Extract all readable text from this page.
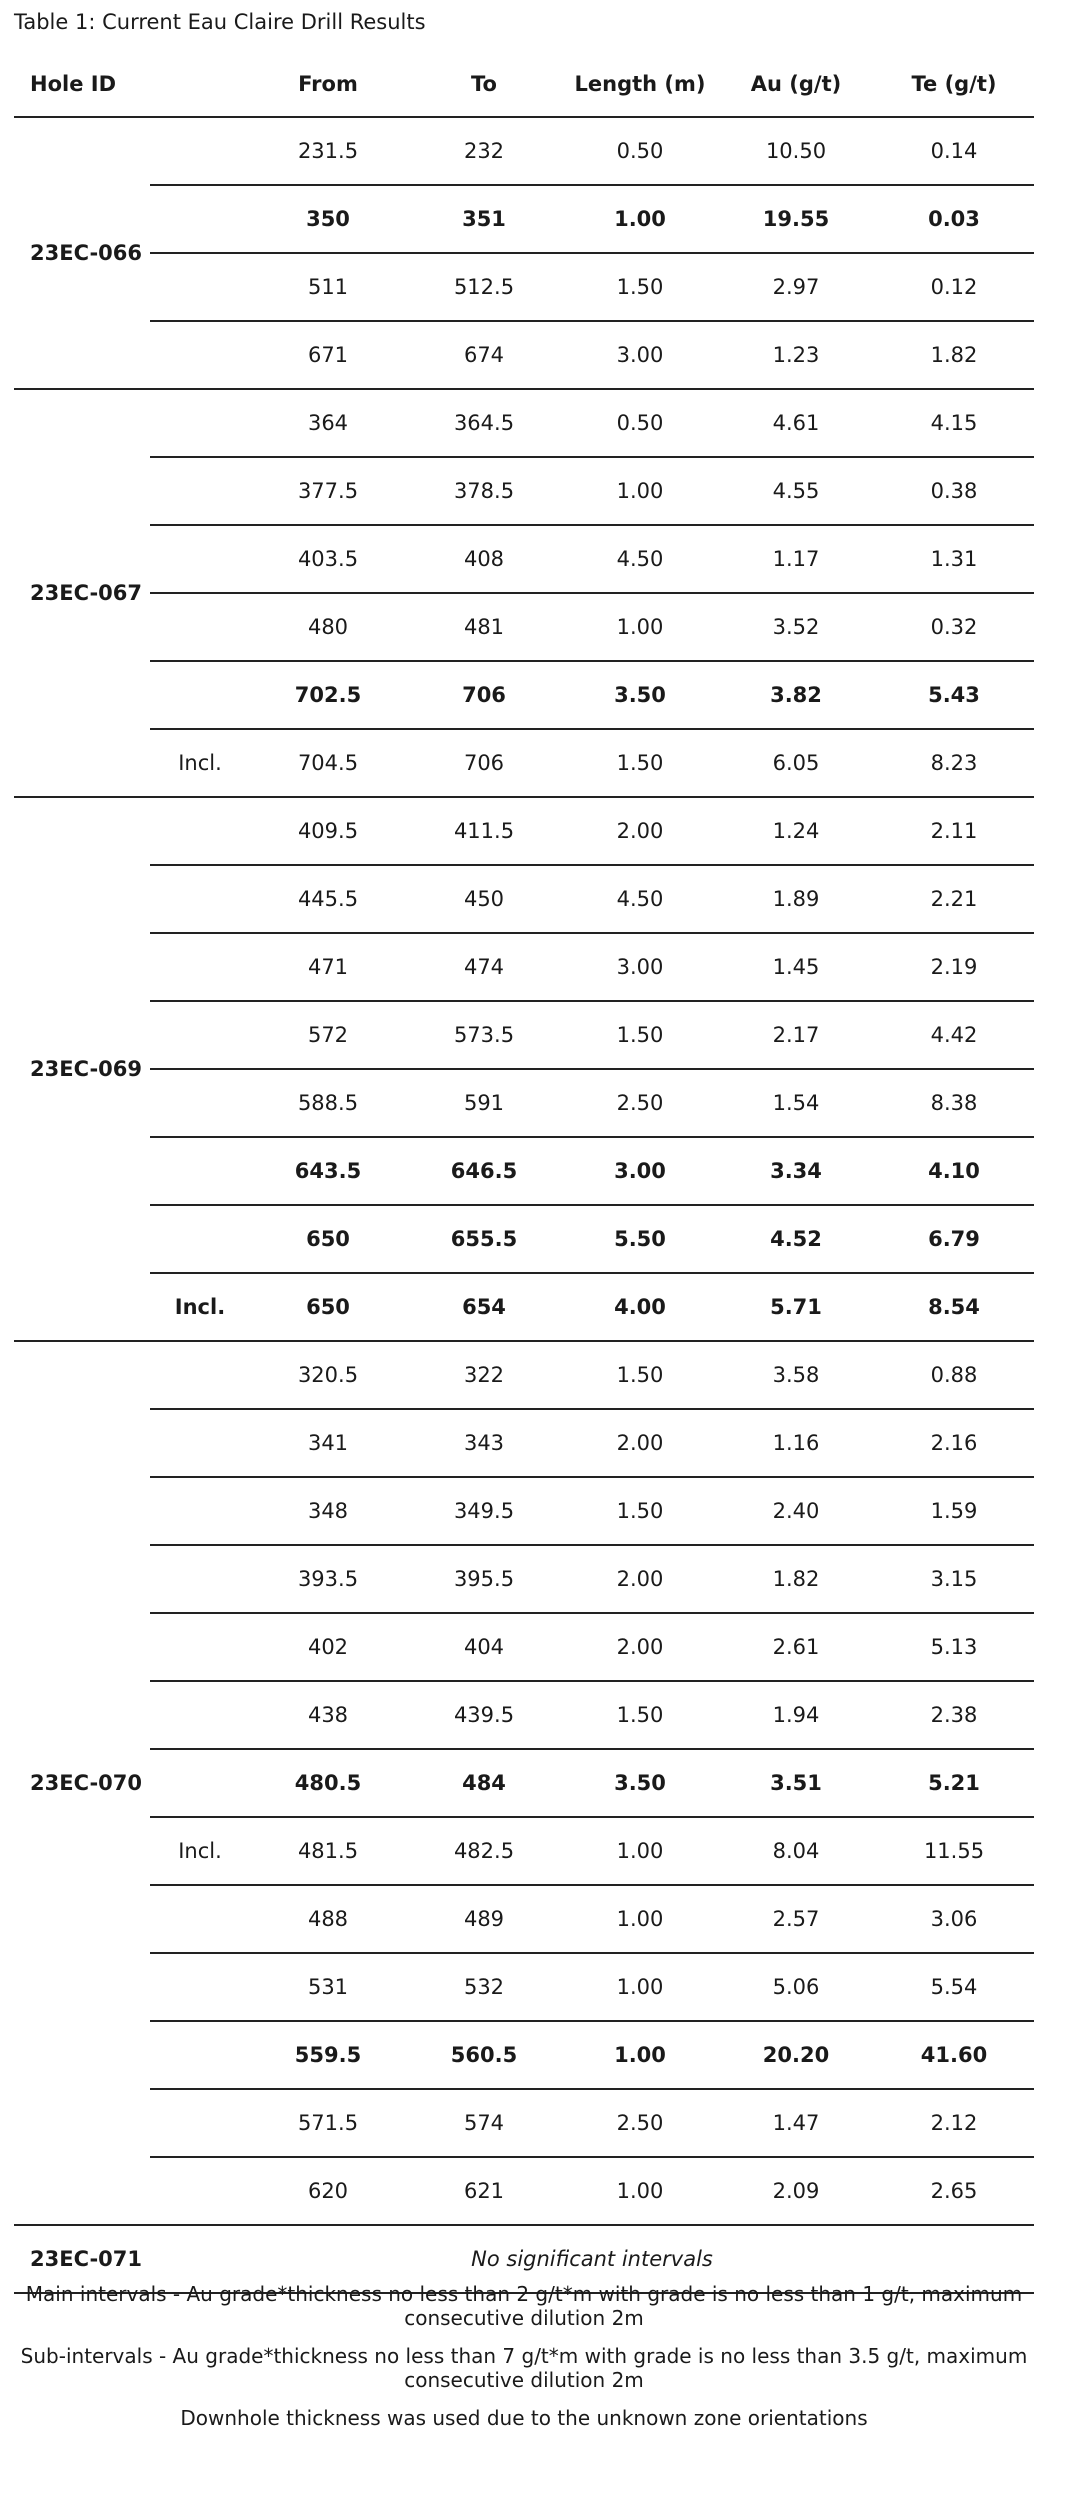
Table 1: Current Eau Claire Drill Results
Hole ID		From	To	Length (m)	Au (g/t)	Te (g/t)
23EC-066		231.5	232	0.50	10.50	0.14
		350	351	1.00	19.55	0.03
		511	512.5	1.50	2.97	0.12
		671	674	3.00	1.23	1.82
23EC-067		364	364.5	0.50	4.61	4.15
		377.5	378.5	1.00	4.55	0.38
		403.5	408	4.50	1.17	1.31
		480	481	1.00	3.52	0.32
		702.5	706	3.50	3.82	5.43
	Incl.	704.5	706	1.50	6.05	8.23
23EC-069		409.5	411.5	2.00	1.24	2.11
		445.5	450	4.50	1.89	2.21
		471	474	3.00	1.45	2.19
		572	573.5	1.50	2.17	4.42
		588.5	591	2.50	1.54	8.38
		643.5	646.5	3.00	3.34	4.10
		650	655.5	5.50	4.52	6.79
	Incl.	650	654	4.00	5.71	8.54
23EC-070		320.5	322	1.50	3.58	0.88
		341	343	2.00	1.16	2.16
		348	349.5	1.50	2.40	1.59
		393.5	395.5	2.00	1.82	3.15
		402	404	2.00	2.61	5.13
		438	439.5	1.50	1.94	2.38
		480.5	484	3.50	3.51	5.21
	Incl.	481.5	482.5	1.00	8.04	11.55
		488	489	1.00	2.57	3.06
		531	532	1.00	5.06	5.54
		559.5	560.5	1.00	20.20	41.60
		571.5	574	2.50	1.47	2.12
		620	621	1.00	2.09	2.65
23EC-071	No significant intervals					

Main intervals - Au grade*thickness no less than 2 g/t*m with grade is no less than 1 g/t, maximum consecutive dilution 2m

Sub-intervals - Au grade*thickness no less than 7 g/t*m with grade is no less than 3.5 g/t, maximum consecutive dilution 2m

Downhole thickness was used due to the unknown zone orientations
